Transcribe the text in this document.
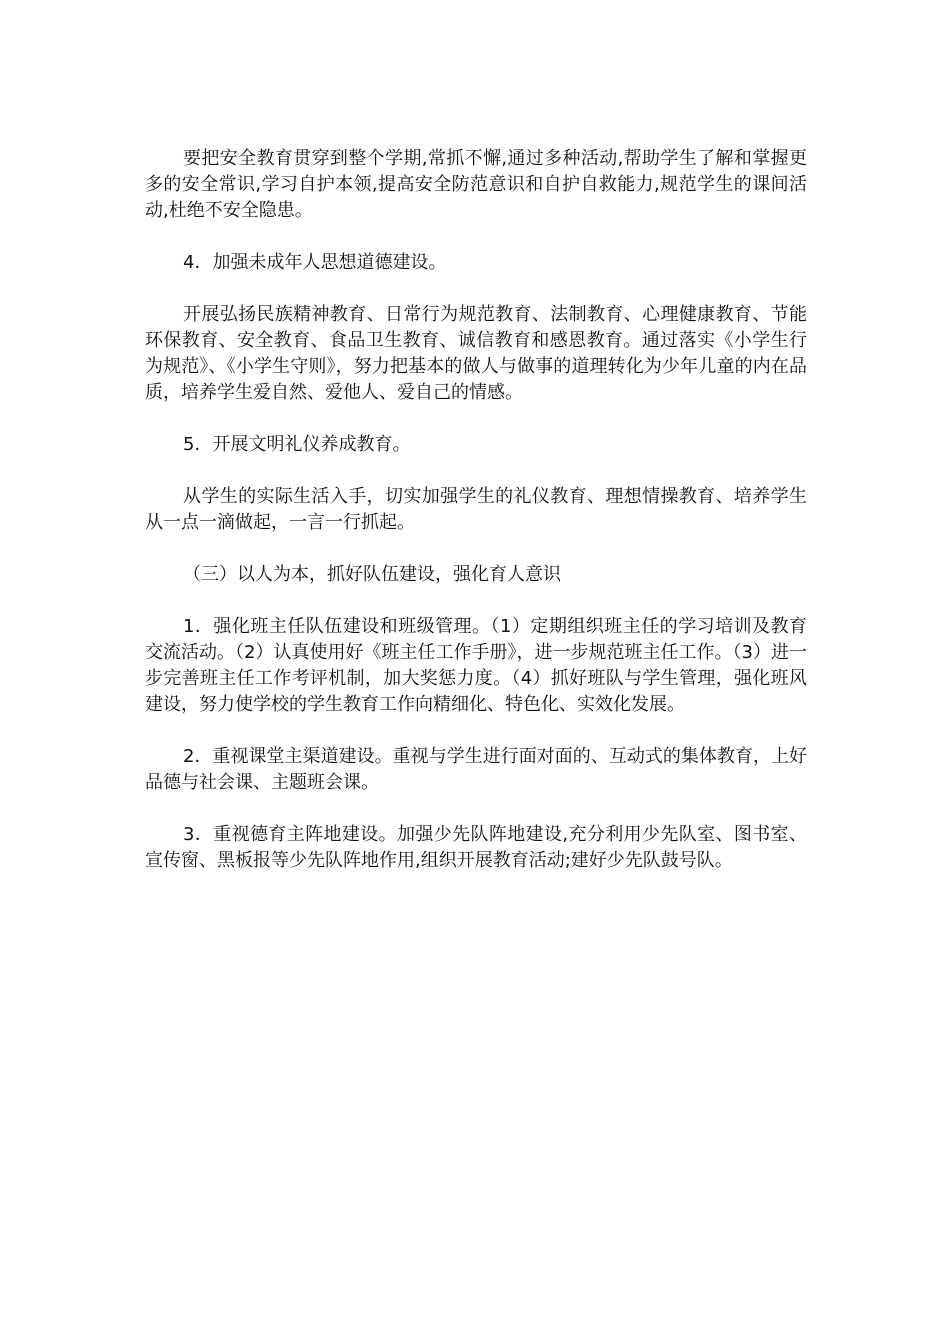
要把安全教育贯穿到整个学期,常抓不懈,通过多种活动,帮助学生了解和掌握更多的安全常识,学习自护本领,提高安全防范意识和自护自救能力,规范学生的课间活动,杜绝不安全隐患。

4．加强未成年人思想道德建设。

开展弘扬民族精神教育、日常行为规范教育、法制教育、心理健康教育、节能环保教育、安全教育、食品卫生教育、诚信教育和感恩教育。通过落实《小学生行为规范》、《小学生守则》，努力把基本的做人与做事的道理转化为少年儿童的内在品质，培养学生爱自然、爱他人、爱自己的情感。

5．开展文明礼仪养成教育。

从学生的实际生活入手，切实加强学生的礼仪教育、理想情操教育、培养学生从一点一滴做起，一言一行抓起。

（三）以人为本，抓好队伍建设，强化育人意识

1．强化班主任队伍建设和班级管理。（1）定期组织班主任的学习培训及教育交流活动。（2）认真使用好《班主任工作手册》，进一步规范班主任工作。（3）进一步完善班主任工作考评机制，加大奖惩力度。（4）抓好班队与学生管理，强化班风建设，努力使学校的学生教育工作向精细化、特色化、实效化发展。

2．重视课堂主渠道建设。重视与学生进行面对面的、互动式的集体教育，上好品德与社会课、主题班会课。

3．重视德育主阵地建设。加强少先队阵地建设,充分利用少先队室、图书室、宣传窗、黑板报等少先队阵地作用,组织开展教育活动;建好少先队鼓号队。
